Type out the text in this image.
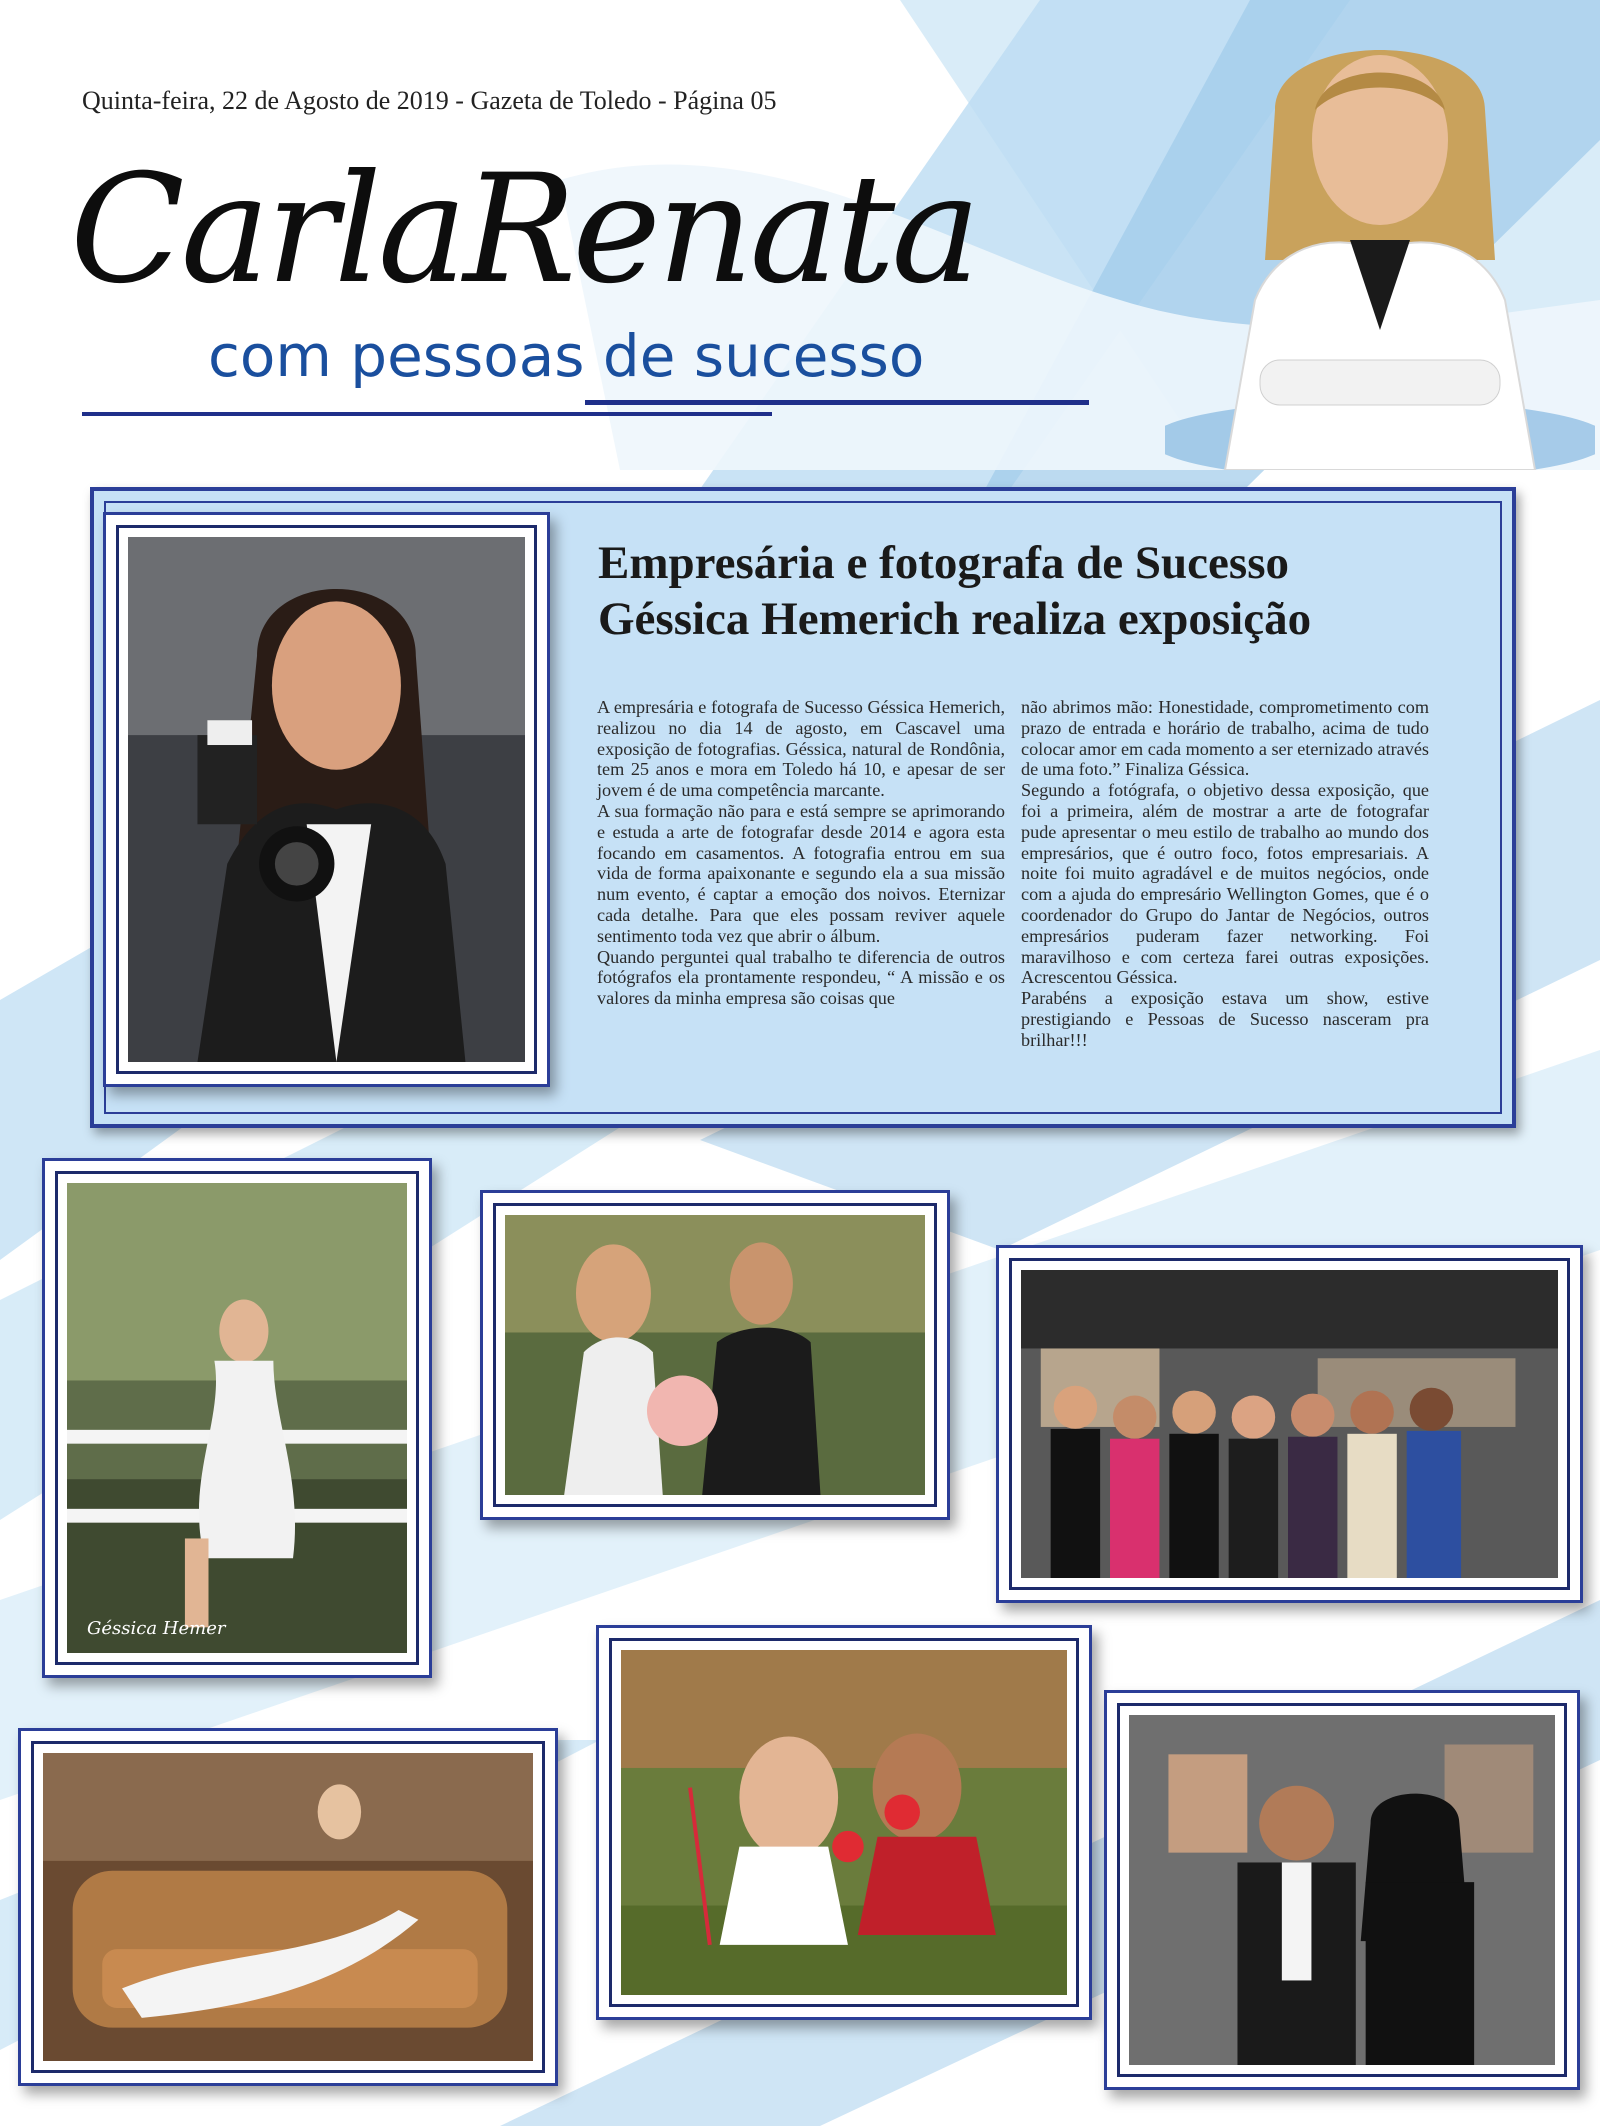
Quinta-feira, 22 de Agosto de 2019 - Gazeta de Toledo - Página 05
CarlaRenata
com pessoas de sucesso
Empresária e fotografa de Sucesso
Géssica Hemerich realiza exposição

A empresária e fotografa de Sucesso Géssica Hemerich, realizou no dia 14 de agosto, em Cascavel uma exposição de fotografias. Géssica, natural de Rondônia, tem 25 anos e mora em Toledo há 10, e apesar de ser jovem é de uma competência marcante.

A sua formação não para e está sempre se aprimorando e estuda a arte de fotografar desde 2014 e agora esta focando em casamentos. A fotografia entrou em sua vida de forma apaixonante e segundo ela a sua missão num evento, é captar a emoção dos noivos. Eternizar cada detalhe. Para que eles possam reviver aquele sentimento toda vez que abrir o álbum.

Quando perguntei qual trabalho te diferencia de outros fotógrafos ela prontamente respondeu, “ A missão e os valores da minha empresa são coisas que

não abrimos mão: Honestidade, comprometimento com prazo de entrada e horário de trabalho, acima de tudo colocar amor em cada momento a ser eternizado através de uma foto.” Finaliza Géssica.

Segundo a fotógrafa, o objetivo dessa exposição, que foi a primeira, além de mostrar a arte de fotografar pude apresentar o meu estilo de trabalho ao mundo dos empresários, que é outro foco, fotos empresariais. A noite foi muito agradável e de muitos negócios, onde com a ajuda do empresário Wellington Gomes, que é o coordenador do Grupo do Jantar de Negócios, outros empresários puderam fazer networking. Foi maravilhoso e com certeza farei outras exposições. Acrescentou Géssica.

Parabéns a exposição estava um show, estive prestigiando e Pessoas de Sucesso nasceram pra brilhar!!!

Géssica Hemer
